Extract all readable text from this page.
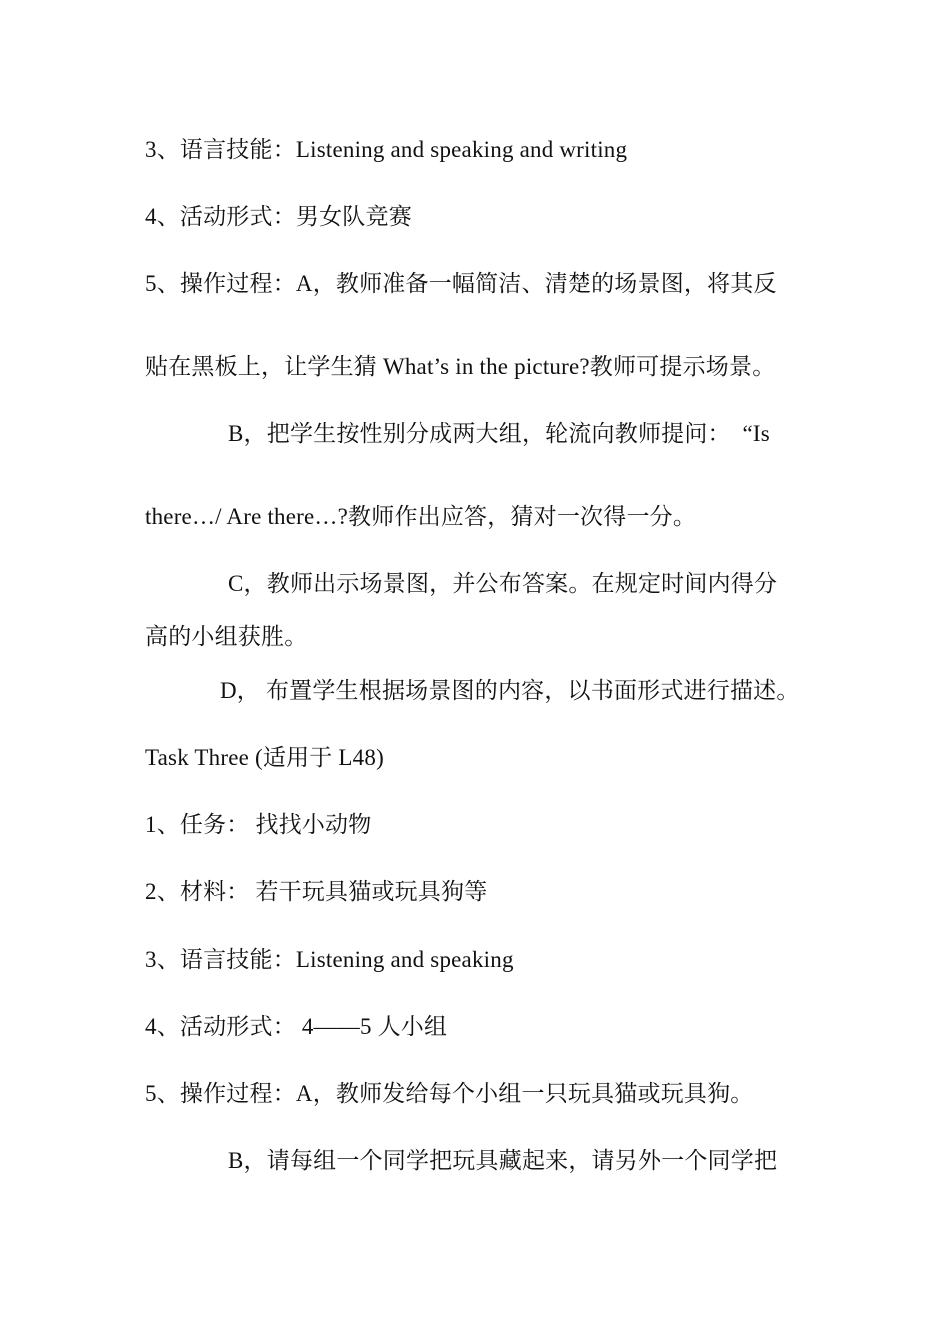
3、语言技能：Listening and speaking and writing
4、活动形式：男女队竞赛
5、操作过程：A，教师准备一幅简洁、清楚的场景图，将其反
贴在黑板上，让学生猜 What’s in the picture?教师可提示场景。
B，把学生按性别分成两大组，轮流向教师提问：　“Is
there…/ Are there…?教师作出应答，猜对一次得一分。
C，教师出示场景图，并公布答案。在规定时间内得分
高的小组获胜。
D， 布置学生根据场景图的内容，以书面形式进行描述。
Task Three (适用于 L48)
1、任务： 找找小动物
2、材料： 若干玩具猫或玩具狗等
3、语言技能：Listening and speaking
4、活动形式： 4——5 人小组
5、操作过程：A，教师发给每个小组一只玩具猫或玩具狗。
B，请每组一个同学把玩具藏起来，请另外一个同学把
